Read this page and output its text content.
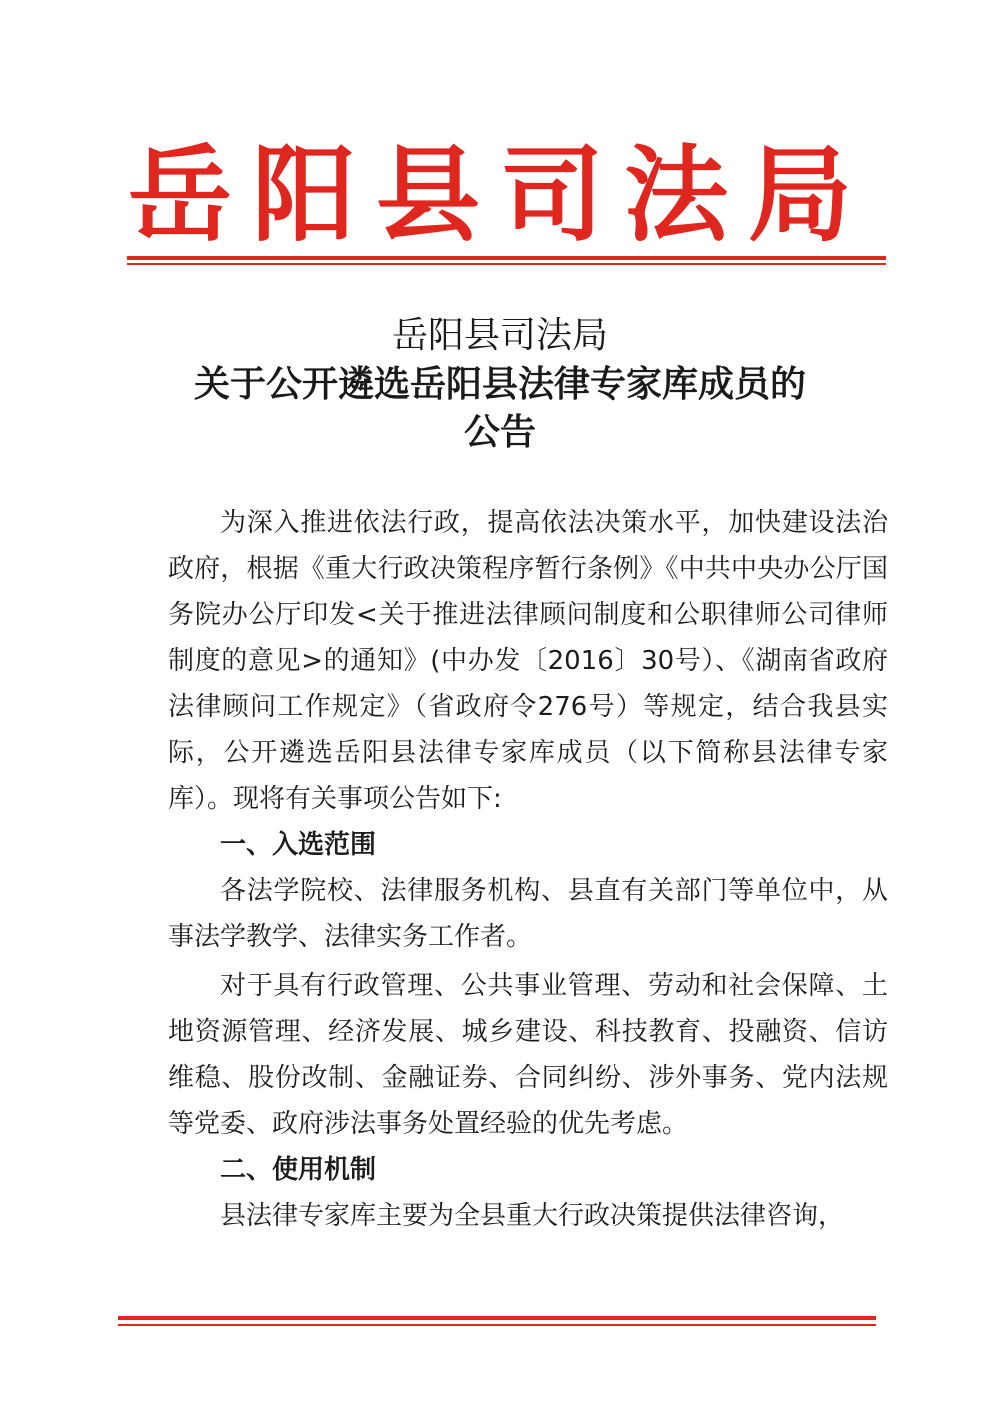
岳阳县司法局
岳阳县司法局
关于公开遴选岳阳县法律专家库成员的
公告

为深入推进依法行政，提高依法决策水平，加快建设法治政府，根据《重大行政决策程序暂行条例》《中共中央办公厅国务院办公厅印发<关于推进法律顾问制度和公职律师公司律师制度的意见>的通知》(中办发〔2016〕30号）、《湖南省政府法律顾问工作规定》（省政府令276号）等规定，结合我县实际，公开遴选岳阳县法律专家库成员（以下简称县法律专家库）。现将有关事项公告如下:

一、入选范围

各法学院校、法律服务机构、县直有关部门等单位中，从事法学教学、法律实务工作者。

对于具有行政管理、公共事业管理、劳动和社会保障、土地资源管理、经济发展、城乡建设、科技教育、投融资、信访维稳、股份改制、金融证券、合同纠纷、涉外事务、党内法规等党委、政府涉法事务处置经验的优先考虑。

二、使用机制

县法律专家库主要为全县重大行政决策提供法律咨询，
